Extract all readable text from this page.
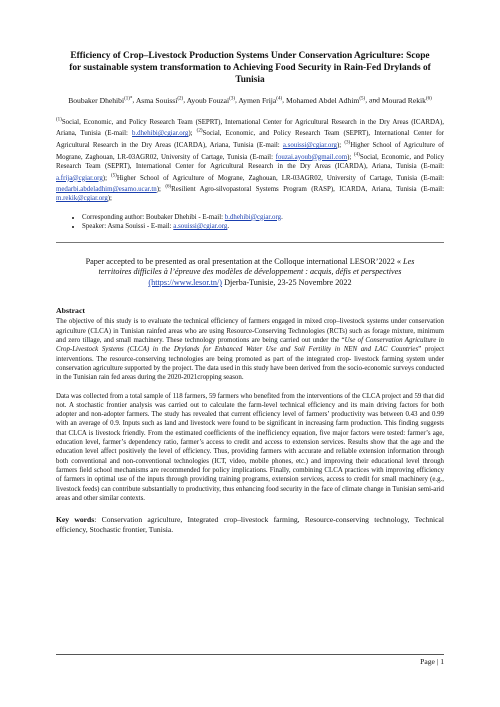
Efficiency of Crop–Livestock Production Systems Under Conservation Agriculture: Scope for sustainable system transformation to Achieving Food Security in Rain-Fed Drylands of Tunisia
Boubaker Dhehibi$^{(1)*}$, Asma Souissi$^{(2)}$, Ayoub Fouzai$^{(3)}$, Aymen Frija$^{(4)}$, Mohamed Abdel Adhim$^{(5)}$, and Mourad Rekik$^{(6)}$
$^{(1)}$Social, Economic, and Policy Research Team (SEPRT), International Center for Agricultural Research in the Dry Areas (ICARDA), Ariana, Tunisia (E-mail: b.dhehibi@cgiar.org); $^{(2)}$Social, Economic, and Policy Research Team (SEPRT), International Center for Agricultural Research in the Dry Areas (ICARDA), Ariana, Tunisia (E-mail: a.souissi@cgiar.org); $^{(3)}$Higher School of Agriculture of Mograne, Zaghouan, LR-03AGR02, University of Cartage, Tunisia (E-mail: fouzai.ayoub@gmail.com); $^{(4)}$Social, Economic, and Policy Research Team (SEPRT), International Center for Agricultural Research in the Dry Areas (ICARDA), Ariana, Tunisia (E-mail: a.frija@cgiar.org); $^{(5)}$Higher School of Agriculture of Mograne, Zaghouan, LR-03AGR02, University of Cartage, Tunisia (E-mail: medarbi.abdeladhim@esamo.ucar.tn); $^{(6)}$Resilient Agro-silvopastoral Systems Program (RASP), ICARDA, Ariana, Tunisia (E-mail: m.rekik@cgiar.org);
• Corresponding author: Boubaker Dhehibi - E-mail: b.dhehibi@cgiar.org.
• Speaker: Asma Souissi - E-mail: a.souissi@cgiar.org.
Paper accepted to be presented as oral presentation at the Colloque international LESOR’2022 « Les territoires difficiles à l’épreuve des modèles de développement : acquis, défis et perspectives (https://www.lesor.tn/) Djerba-Tunisie, 23-25 Novembre 2022
Abstract
The objective of this study is to evaluate the technical efficiency of farmers engaged in mixed crop–livestock systems under conservation agriculture (CLCA) in Tunisian rainfed areas who are using Resource-Conserving Technologies (RCTs) such as forage mixture, minimum and zero tillage, and small machinery. These technology promotions are being carried out under the “Use of Conservation Agriculture in Crop-Livestock Systems (CLCA) in the Drylands for Enhanced Water Use and Soil Fertility in NEN and LAC Countries” project interventions. The resource-conserving technologies are being promoted as part of the integrated crop- livestock farming system under conservation agriculture supported by the project. The data used in this study have been derived from the socio-economic surveys conducted in the Tunisian rain fed areas during the 2020-2021cropping season.
Data was collected from a total sample of 118 farmers, 59 farmers who benefited from the interventions of the CLCA project and 59 that did not. A stochastic frontier analysis was carried out to calculate the farm-level technical efficiency and its main driving factors for both adopter and non-adopter farmers. The study has revealed that current efficiency level of farmers’ productivity was between 0.43 and 0.99 with an average of 0.9. Inputs such as land and livestock were found to be significant in increasing farm production. This finding suggests that CLCA is livestock friendly. From the estimated coefficients of the inefficiency equation, five major factors were tested: farmer’s age, education level, farmer’s dependency ratio, farmer’s access to credit and access to extension services. Results show that the age and the education level affect positively the level of efficiency. Thus, providing farmers with accurate and reliable extension information through both conventional and non-conventional technologies (ICT, video, mobile phones, etc.) and improving their educational level through farmers field school mechanisms are recommended for policy implications. Finally, combining CLCA practices with improving efficiency of farmers in optimal use of the inputs through providing training programs, extension services, access to credit for small machinery (e.g., livestock feeds) can contribute substantially to productivity, thus enhancing food security in the face of climate change in Tunisian semi-arid areas and other similar contexts.
Key words: Conservation agriculture, Integrated crop–livestock farming, Resource-conserving technology, Technical efficiency, Stochastic frontier, Tunisia.
Page | 1
